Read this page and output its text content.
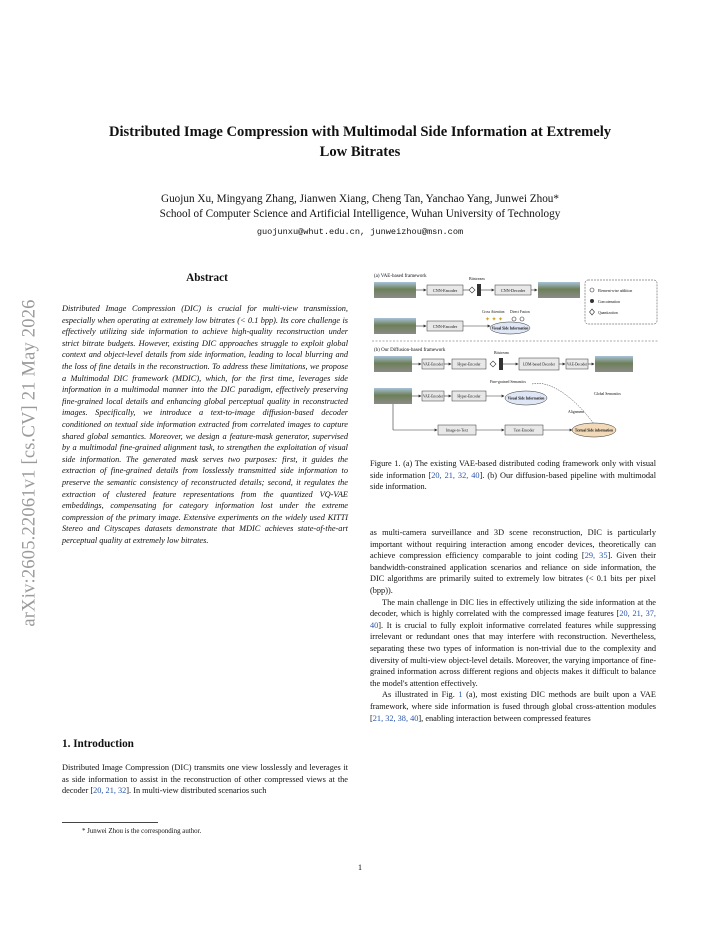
Distributed Image Compression with Multimodal Side Information at Extremely
Low Bitrates
Guojun Xu, Mingyang Zhang, Jianwen Xiang, Cheng Tan, Yanchao Yang, Junwei Zhou*
School of Computer Science and Artificial Intelligence, Wuhan University of Technology
guojunxu@whut.edu.cn, junweizhou@msn.com
arXiv:2605.22061v1 [cs.CV] 21 May 2026
Abstract
Distributed Image Compression (DIC) is crucial for multi-view transmission, especially when operating at extremely low bitrates (< 0.1 bpp). Its core challenge is effectively utilizing side information to achieve high-quality reconstruction under strict bitrate budgets. However, existing DIC approaches struggle to exploit global context and object-level details from side information, leading to local blurring and the loss of fine details in the reconstruction. To address these limitations, we propose a Multimodal DIC framework (MDIC), which, for the first time, leverages side information in a multimodal manner into the DIC paradigm, effectively preserving fine-grained local details and enhancing global perceptual quality in reconstructed images. Specifically, we introduce a text-to-image diffusion-based decoder conditioned on textual side information extracted from correlated images to capture shared global semantics. Moreover, we design a feature-mask generator, supervised by a multimodal fine-grained alignment task, to strengthen the exploitation of visual side information. The generated mask serves two purposes: first, it guides the extraction of fine-grained details from losslessly transmitted side information to preserve the semantic consistency of reconstructed details; second, it regulates the extraction of clustered feature representations from the quantized VQ-VAE embeddings, compensating for category information lost under the extreme compression of the primary image. Extensive experiments on the widely used KITTI Stereo and Cityscapes datasets demonstrate that MDIC achieves state-of-the-art perceptual quality at extremely low bitrates.
1. Introduction
Distributed Image Compression (DIC) transmits one view losslessly and leverages it as side information to assist in the reconstruction of other compressed views at the decoder [20, 21, 32]. In multi-view distributed scenarios such
* Junwei Zhou is the corresponding author.
(a) VAE-based framework
CNN-Encoder
Bitstream
CNN-Decoder
Cross Attention Direct Fusion
✦ ✦ ✦
CNN-Encoder	Visual Side Information
Element-wise addition
Concatenation
Quantization
(b) Our Diffusion-based framework
VAE-Encoder	Hyper-Encoder
Bitstream
LDM-based Decoder	VAE-Decoder
Fine-grained Semantics
Global Semantics
VAE-Encoder	Hyper-Encoder	Visual Side Information
Alignment
Image-to-Text	Text-Encoder	Textual Side information
Figure 1. (a) The existing VAE-based distributed coding framework only with visual side information [20, 21, 32, 40]. (b) Our diffusion-based pipeline with multimodal side information.

as multi-camera surveillance and 3D scene reconstruction, DIC is particularly important without requiring interaction among encoder devices, theoretically can achieve compression efficiency comparable to joint coding [29, 35]. Given their bandwidth-constrained application scenarios and reliance on side information, the DIC algorithms are primarily suited to extremely low bitrates (< 0.1 bits per pixel (bpp)).

The main challenge in DIC lies in effectively utilizing the side information at the decoder, which is highly correlated with the compressed image features [20, 21, 37, 40]. It is crucial to fully exploit informative correlated features while suppressing irrelevant or redundant ones that may interfere with reconstruction. Nevertheless, separating these two types of information is non-trivial due to the complexity and diversity of multi-view object-level details. Moreover, the varying importance of fine-grained information across different regions and objects makes it difficult to balance the model's attention effectively.

As illustrated in Fig. 1 (a), most existing DIC methods are built upon a VAE framework, where side information is fused through global cross-attention modules [21, 32, 38, 40], enabling interaction between compressed features

1
